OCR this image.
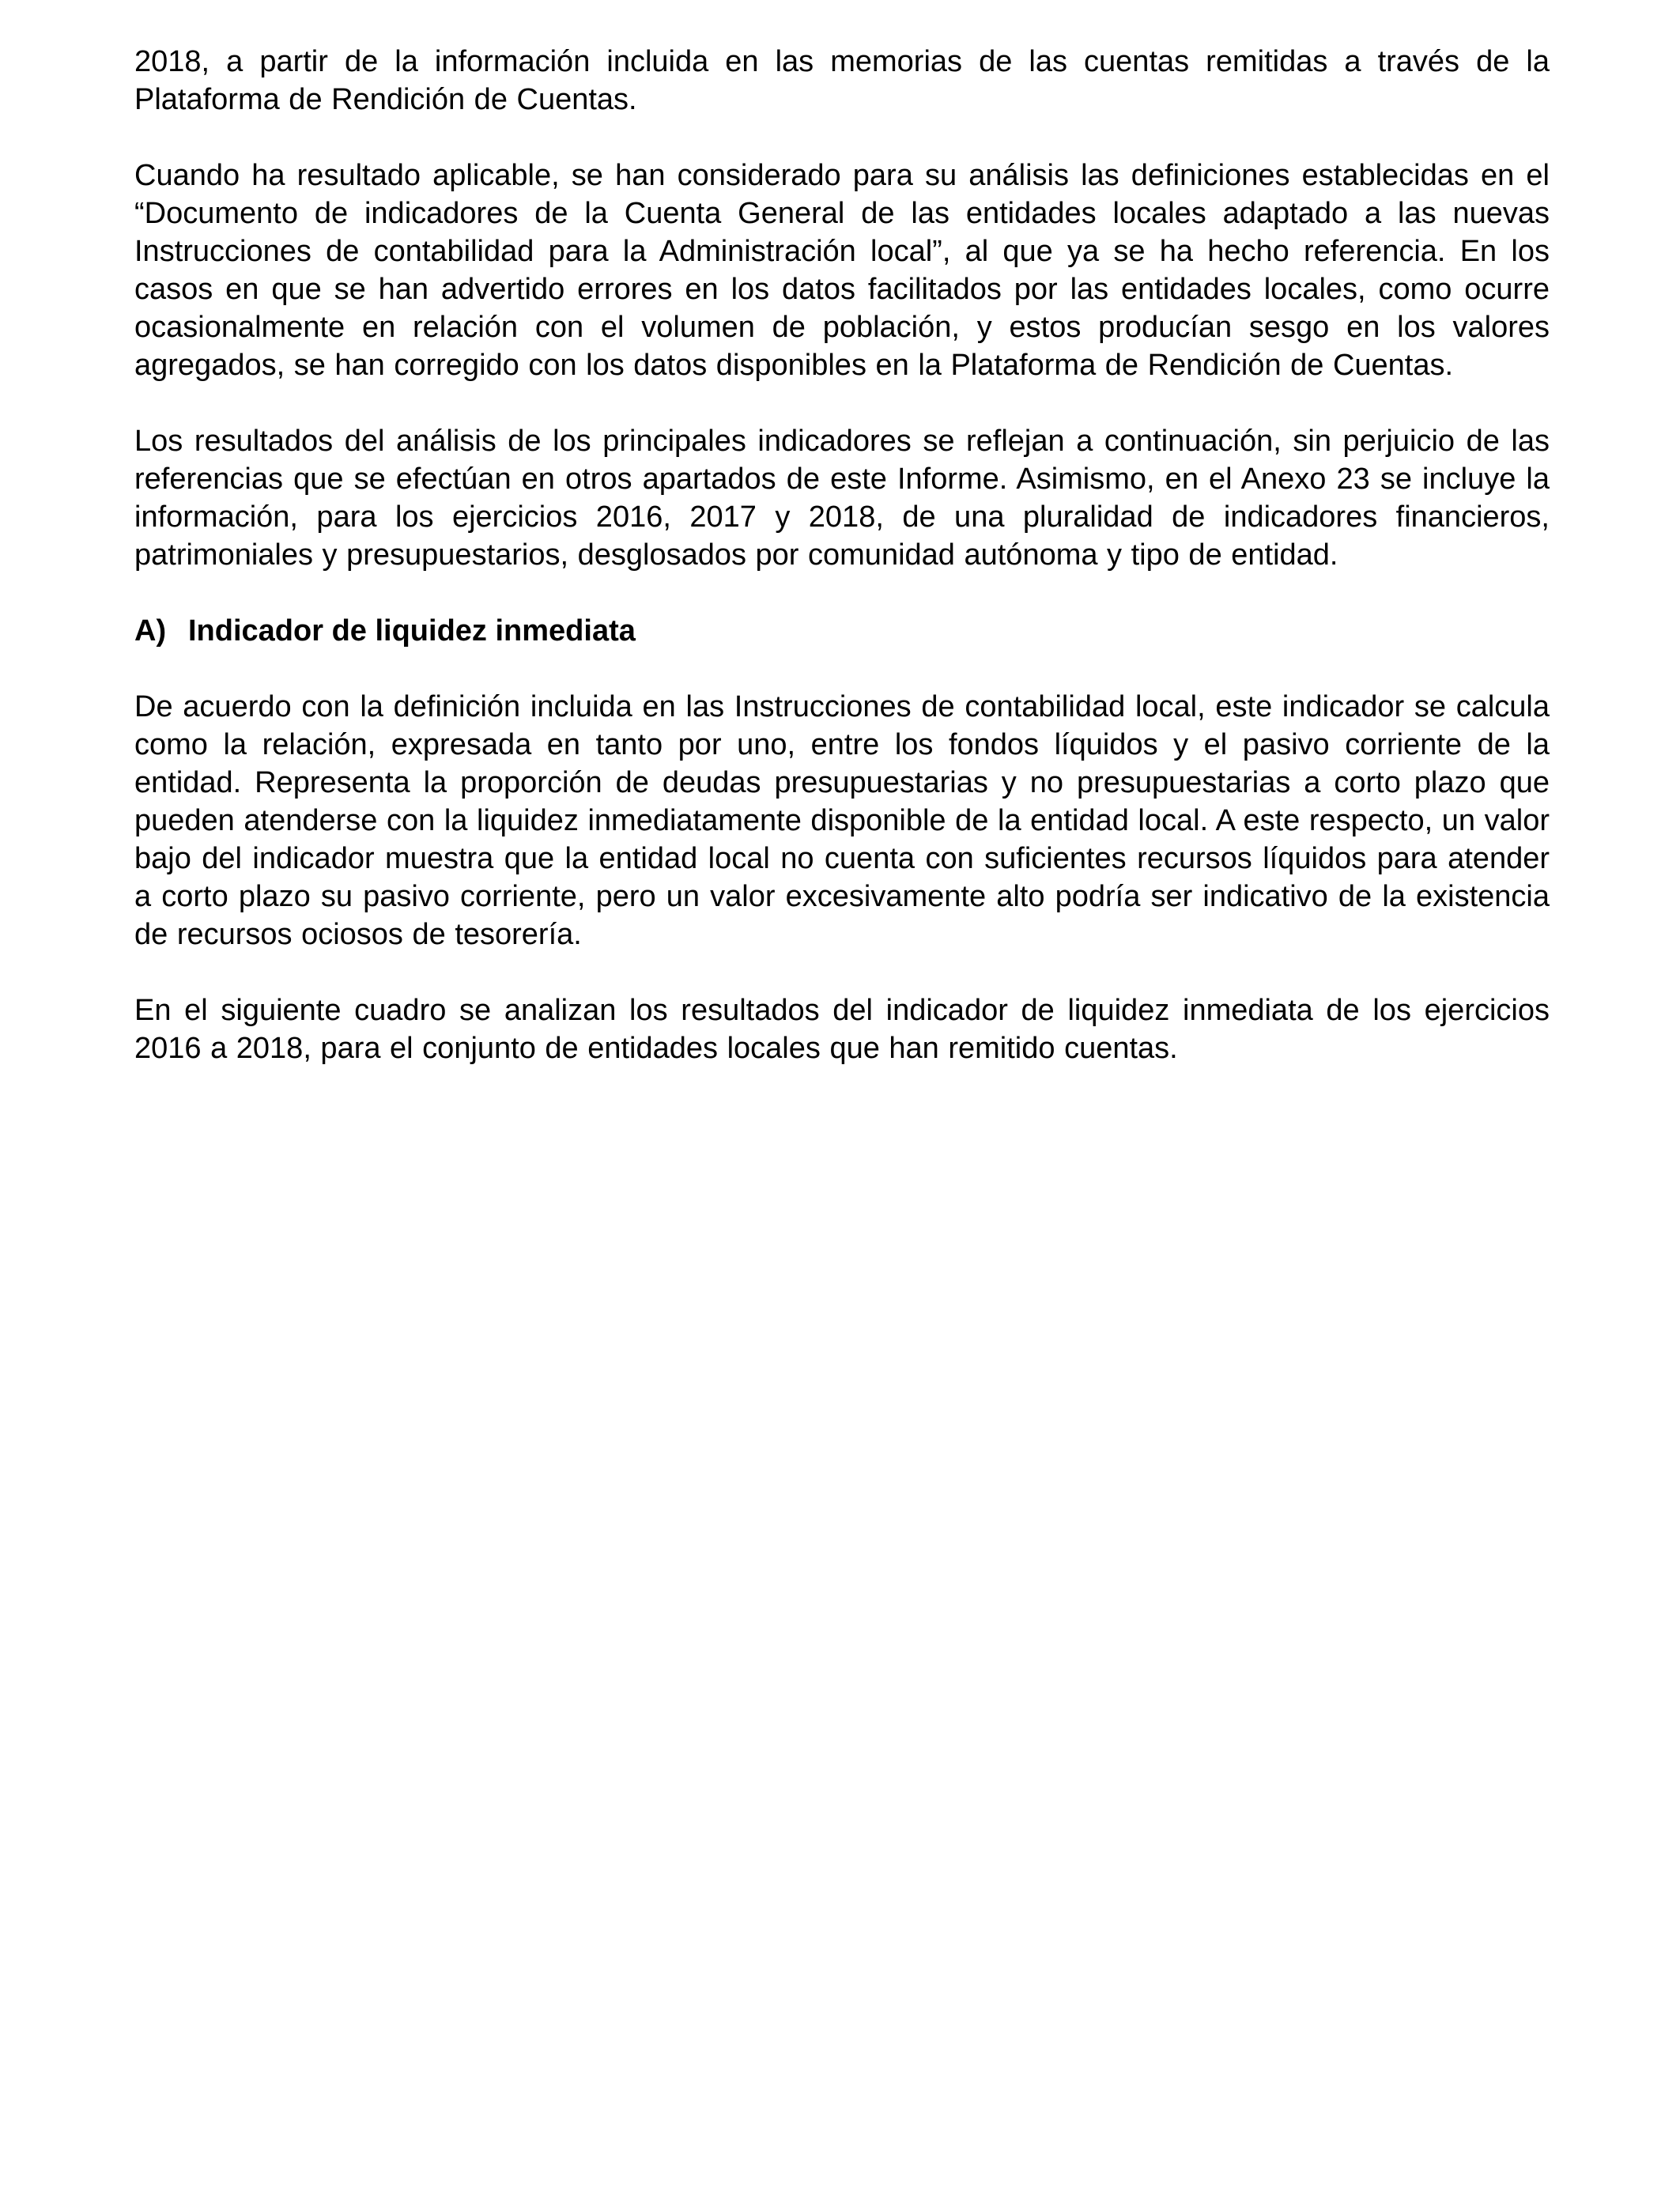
2018, a partir de la información incluida en las memorias de las cuentas remitidas a través de la Plataforma de Rendición de Cuentas.

Cuando ha resultado aplicable, se han considerado para su análisis las definiciones establecidas en el “Documento de indicadores de la Cuenta General de las entidades locales adaptado a las nuevas Instrucciones de contabilidad para la Administración local”, al que ya se ha hecho referencia. En los casos en que se han advertido errores en los datos facilitados por las entidades locales, como ocurre ocasionalmente en relación con el volumen de población, y estos producían sesgo en los valores agregados, se han corregido con los datos disponibles en la Plataforma de Rendición de Cuentas.

Los resultados del análisis de los principales indicadores se reflejan a continuación, sin perjuicio de las referencias que se efectúan en otros apartados de este Informe. Asimismo, en el Anexo 23 se incluye la información, para los ejercicios 2016, 2017 y 2018, de una pluralidad de indicadores financieros, patrimoniales y presupuestarios, desglosados por comunidad autónoma y tipo de entidad.

A) Indicador de liquidez inmediata

De acuerdo con la definición incluida en las Instrucciones de contabilidad local, este indicador se calcula como la relación, expresada en tanto por uno, entre los fondos líquidos y el pasivo corriente de la entidad. Representa la proporción de deudas presupuestarias y no presupuestarias a corto plazo que pueden atenderse con la liquidez inmediatamente disponible de la entidad local. A este respecto, un valor bajo del indicador muestra que la entidad local no cuenta con suficientes recursos líquidos para atender a corto plazo su pasivo corriente, pero un valor excesivamente alto podría ser indicativo de la existencia de recursos ociosos de tesorería.

En el siguiente cuadro se analizan los resultados del indicador de liquidez inmediata de los ejercicios 2016 a 2018, para el conjunto de entidades locales que han remitido cuentas.
